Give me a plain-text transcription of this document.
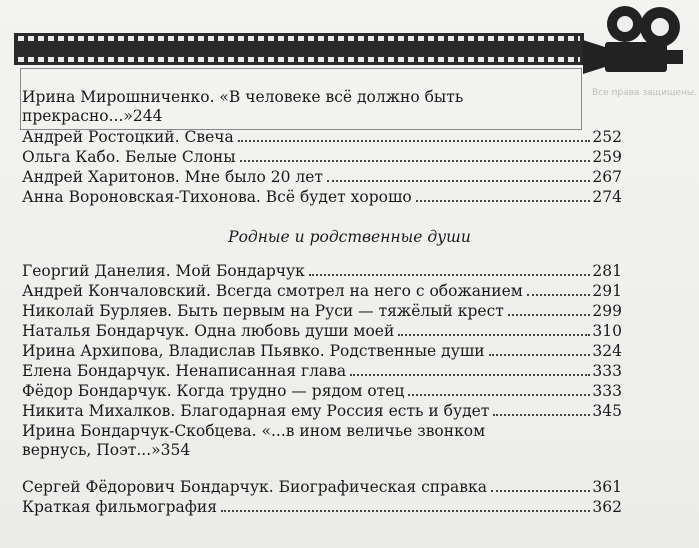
Все права защищены.
Ирина Мирошниченко. «В человеке всё должно быть
прекрасно...» 244
Андрей Ростоцкий. Свеча	252
Ольга Кабо. Белые Слоны	259
Андрей Харитонов. Мне было 20 лет	267
Анна Вороновская-Тихонова. Всё будет хорошо	274
Родные и родственные души
Георгий Данелия. Мой Бондарчук	281
Андрей Кончаловский. Всегда смотрел на него с обожанием	291
Николай Бурляев. Быть первым на Руси — тяжёлый крест	299
Наталья Бондарчук. Одна любовь души моей	310
Ирина Архипова, Владислав Пьявко. Родственные души	324
Елена Бондарчук. Ненаписанная глава	333
Фёдор Бондарчук. Когда трудно — рядом отец	333
Никита Михалков. Благодарная ему Россия есть и будет	345
Ирина Бондарчук-Скобцева. «...в ином величье звонком
вернусь, Поэт...» 354
Сергей Фёдорович Бондарчук. Биографическая справка	361
Краткая фильмография	362
